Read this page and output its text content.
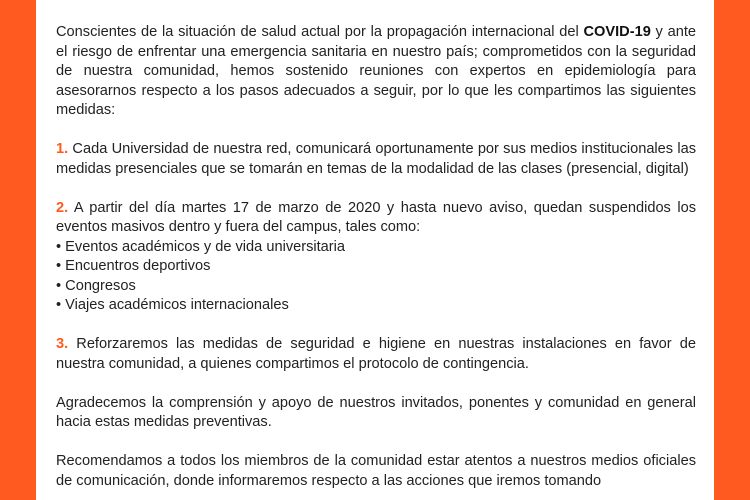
Conscientes de la situación de salud actual por la propagación internacional del COVID-19 y ante el riesgo de enfrentar una emergencia sanitaria en nuestro país; comprometidos con la seguridad de nuestra comunidad, hemos sostenido reuniones con expertos en epidemiología para asesorarnos respecto a los pasos adecuados a seguir, por lo que les compartimos las siguientes medidas:

1. Cada Universidad de nuestra red, comunicará oportunamente por sus medios institucionales las medidas presenciales que se tomarán en temas de la modalidad de las clases (presencial, digital)

2. A partir del día martes 17 de marzo de 2020 y hasta nuevo aviso, quedan suspendidos los eventos masivos dentro y fuera del campus, tales como:

• Eventos académicos y de vida universitaria

• Encuentros deportivos

• Congresos

• Viajes académicos internacionales

3. Reforzaremos las medidas de seguridad e higiene en nuestras instalaciones en favor de nuestra comunidad, a quienes compartimos el protocolo de contingencia.

Agradecemos la comprensión y apoyo de nuestros invitados, ponentes y comunidad en general hacia estas medidas preventivas.

Recomendamos a todos los miembros de la comunidad estar atentos a nuestros medios oficiales de comunicación, donde informaremos respecto a las acciones que iremos tomando
